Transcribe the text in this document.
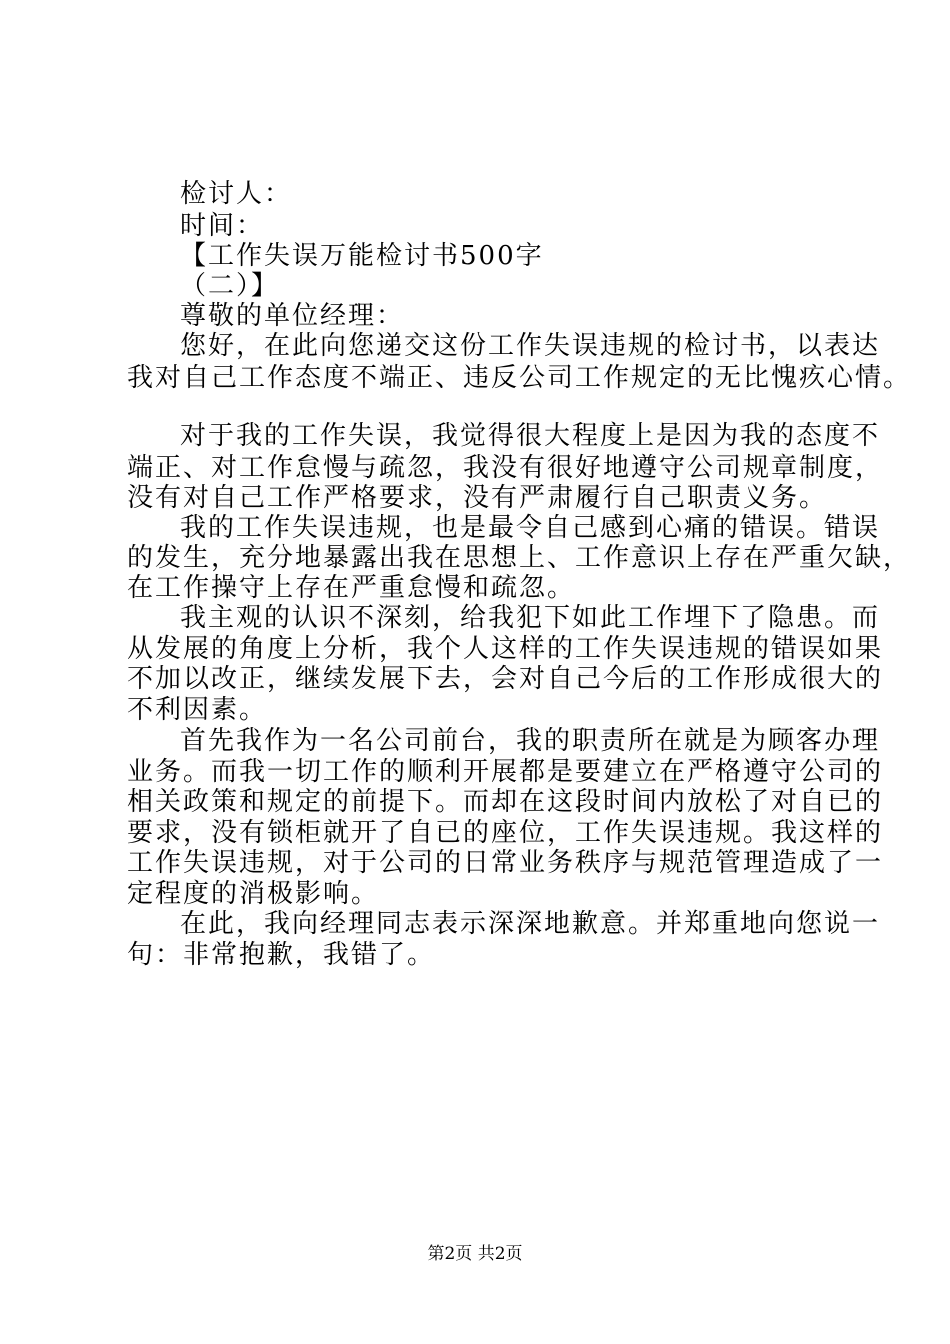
检讨人：
时间：
【工作失误万能检讨书500字
（二）】
尊敬的单位经理：
您好，在此向您递交这份工作失误违规的检讨书，以表达
我对自己工作态度不端正、违反公司工作规定的无比愧疚心情。
对于我的工作失误，我觉得很大程度上是因为我的态度不
端正、对工作怠慢与疏忽，我没有很好地遵守公司规章制度，
没有对自己工作严格要求，没有严肃履行自己职责义务。
我的工作失误违规，也是最令自己感到心痛的错误。错误
的发生，充分地暴露出我在思想上、工作意识上存在严重欠缺，
在工作操守上存在严重怠慢和疏忽。
我主观的认识不深刻，给我犯下如此工作埋下了隐患。而
从发展的角度上分析，我个人这样的工作失误违规的错误如果
不加以改正，继续发展下去，会对自己今后的工作形成很大的
不利因素。
首先我作为一名公司前台，我的职责所在就是为顾客办理
业务。而我一切工作的顺利开展都是要建立在严格遵守公司的
相关政策和规定的前提下。而却在这段时间内放松了对自已的
要求，没有锁柜就开了自已的座位，工作失误违规。我这样的
工作失误违规，对于公司的日常业务秩序与规范管理造成了一
定程度的消极影响。
在此，我向经理同志表示深深地歉意。并郑重地向您说一
句：非常抱歉，我错了。
第2页 共2页
